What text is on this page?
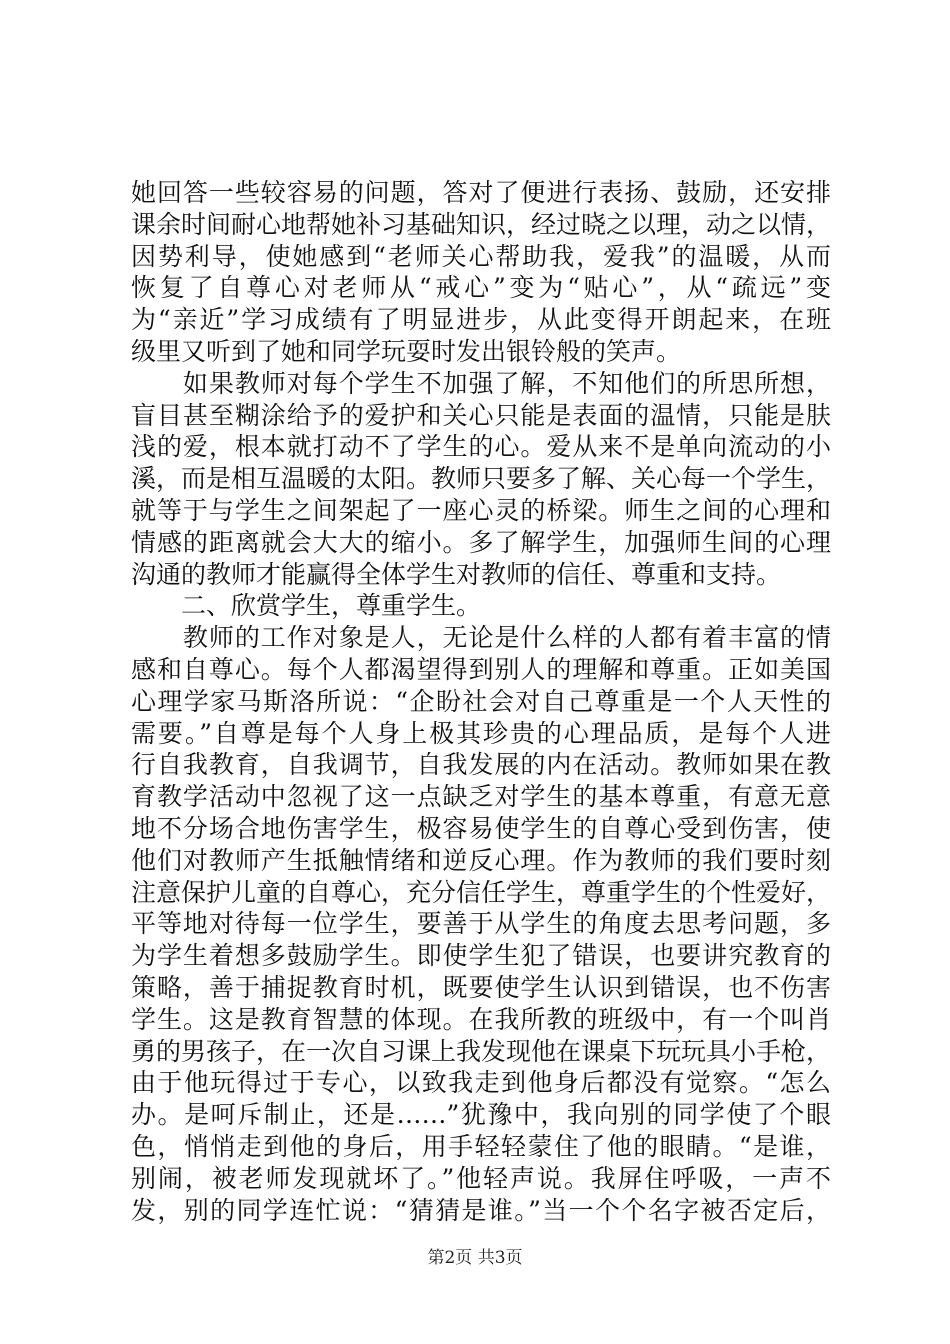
她回答一些较容易的问题，答对了便进行表扬、鼓励，还安排
课余时间耐心地帮她补习基础知识，经过晓之以理，动之以情，
因势利导，使她感到“老师关心帮助我，爱我”的温暖，从而
恢复了自尊心对老师从“戒心”变为“贴心”，从“疏远”变
为“亲近”学习成绩有了明显进步，从此变得开朗起来，在班
级里又听到了她和同学玩耍时发出银铃般的笑声。
　　如果教师对每个学生不加强了解，不知他们的所思所想，
盲目甚至糊涂给予的爱护和关心只能是表面的温情，只能是肤
浅的爱，根本就打动不了学生的心。爱从来不是单向流动的小
溪，而是相互温暖的太阳。教师只要多了解、关心每一个学生，
就等于与学生之间架起了一座心灵的桥梁。师生之间的心理和
情感的距离就会大大的缩小。多了解学生，加强师生间的心理
沟通的教师才能赢得全体学生对教师的信任、尊重和支持。
　　二、欣赏学生，尊重学生。
　　教师的工作对象是人，无论是什么样的人都有着丰富的情
感和自尊心。每个人都渴望得到别人的理解和尊重。正如美国
心理学家马斯洛所说：“企盼社会对自己尊重是一个人天性的
需要。”自尊是每个人身上极其珍贵的心理品质，是每个人进
行自我教育，自我调节，自我发展的内在活动。教师如果在教
育教学活动中忽视了这一点缺乏对学生的基本尊重，有意无意
地不分场合地伤害学生，极容易使学生的自尊心受到伤害，使
他们对教师产生抵触情绪和逆反心理。作为教师的我们要时刻
注意保护儿童的自尊心，充分信任学生，尊重学生的个性爱好，
平等地对待每一位学生，要善于从学生的角度去思考问题，多
为学生着想多鼓励学生。即使学生犯了错误，也要讲究教育的
策略，善于捕捉教育时机，既要使学生认识到错误，也不伤害
学生。这是教育智慧的体现。在我所教的班级中，有一个叫肖
勇的男孩子，在一次自习课上我发现他在课桌下玩玩具小手枪，
由于他玩得过于专心，以致我走到他身后都没有觉察。“怎么
办。是呵斥制止，还是……”犹豫中，我向别的同学使了个眼
色，悄悄走到他的身后，用手轻轻蒙住了他的眼睛。“是谁，
别闹，被老师发现就坏了。”他轻声说。我屏住呼吸，一声不
发，别的同学连忙说：“猜猜是谁。”当一个个名字被否定后，
第2页 共3页
